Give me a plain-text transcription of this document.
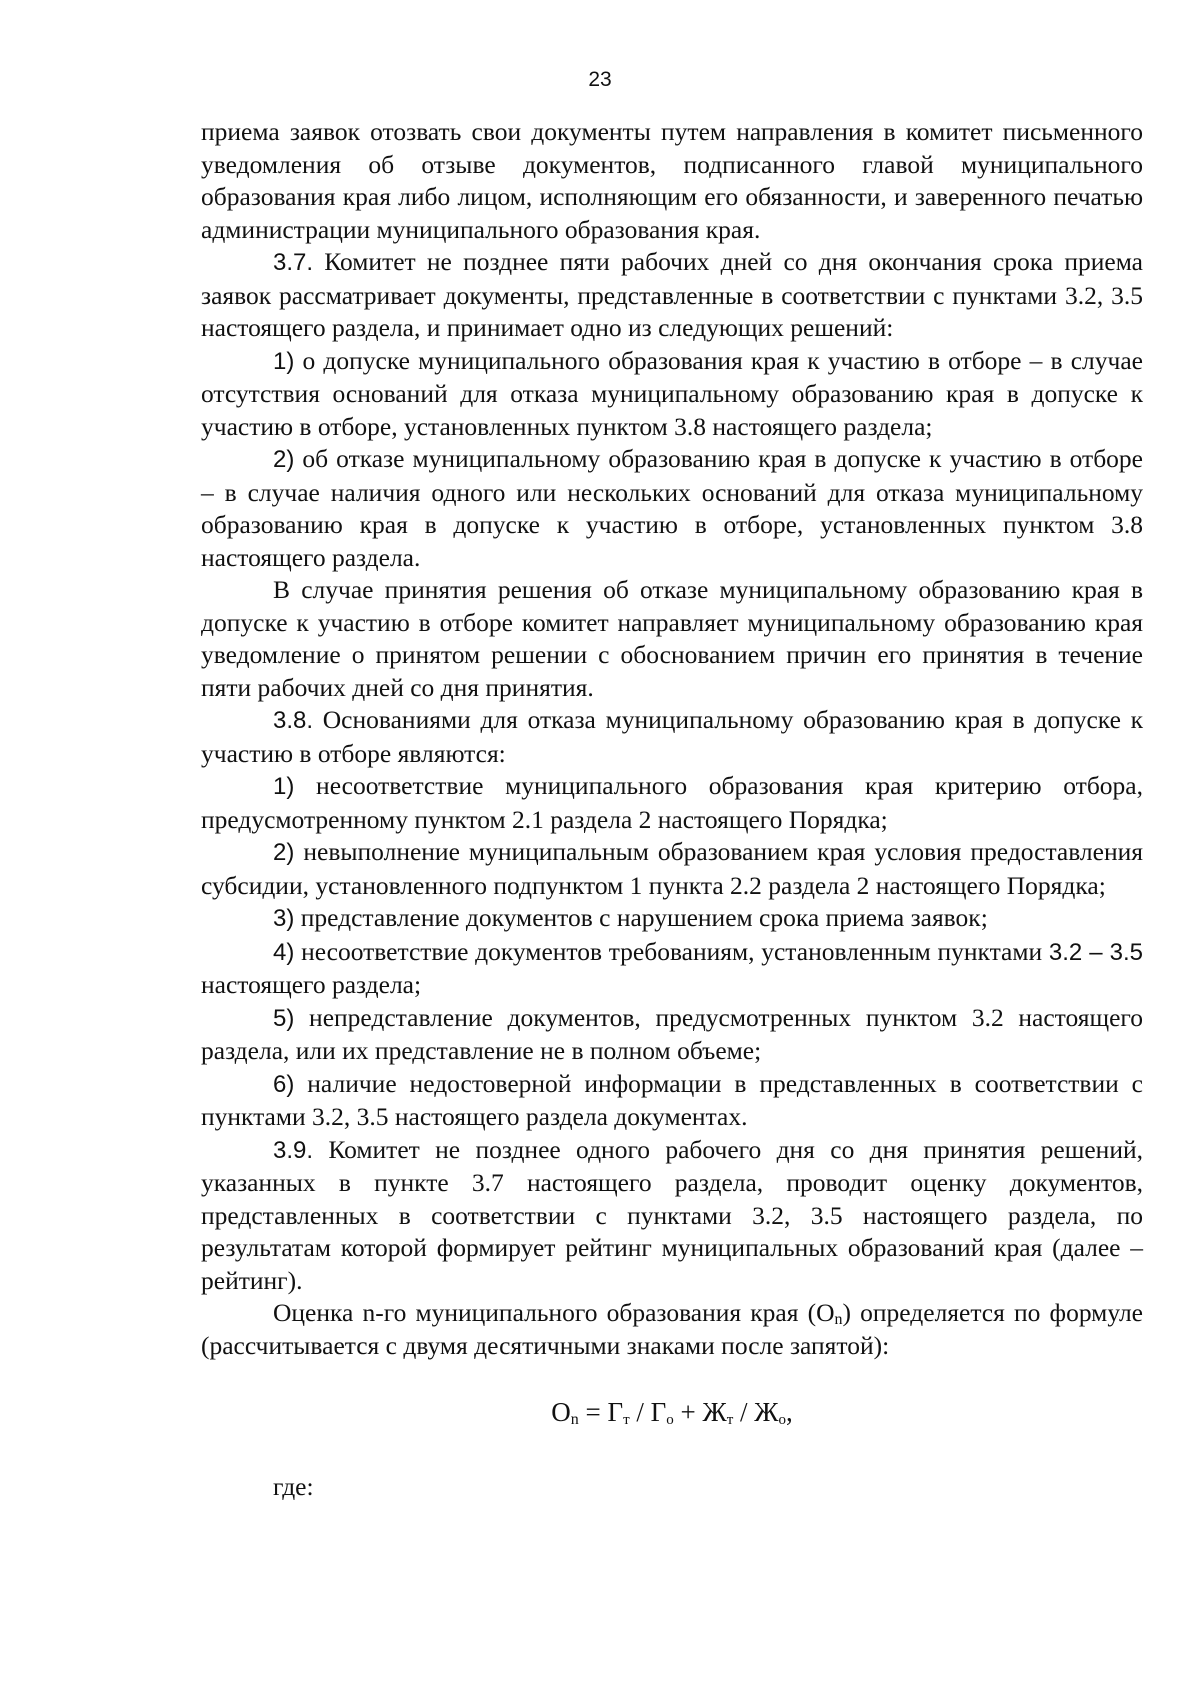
23

приема заявок отозвать свои документы путем направления в комитет письменного уведомления об отзыве документов, подписанного главой муниципального образования края либо лицом, исполняющим его обязанности, и заверенного печатью администрации муниципального образования края.

3.7. Комитет не позднее пяти рабочих дней со дня окончания срока приема заявок рассматривает документы, представленные в соответствии с пунктами 3.2, 3.5 настоящего раздела, и принимает одно из следующих решений:

1) о допуске муниципального образования края к участию в отборе – в случае отсутствия оснований для отказа муниципальному образованию края в допуске к участию в отборе, установленных пунктом 3.8 настоящего раздела;

2) об отказе муниципальному образованию края в допуске к участию в отборе – в случае наличия одного или нескольких оснований для отказа муниципальному образованию края в допуске к участию в отборе, установленных пунктом 3.8 настоящего раздела.

В случае принятия решения об отказе муниципальному образованию края в допуске к участию в отборе комитет направляет муниципальному образованию края уведомление о принятом решении с обоснованием причин его принятия в течение пяти рабочих дней со дня принятия.

3.8. Основаниями для отказа муниципальному образованию края в допуске к участию в отборе являются:

1) несоответствие муниципального образования края критерию отбора, предусмотренному пунктом 2.1 раздела 2 настоящего Порядка;

2) невыполнение муниципальным образованием края условия предоставления субсидии, установленного подпунктом 1 пункта 2.2 раздела 2 настоящего Порядка;

3) представление документов с нарушением срока приема заявок;

4) несоответствие документов требованиям, установленным пунктами 3.2 – 3.5 настоящего раздела;

5) непредставление документов, предусмотренных пунктом 3.2 настоящего раздела, или их представление не в полном объеме;

6) наличие недостоверной информации в представленных в соответствии с пунктами 3.2, 3.5 настоящего раздела документах.

3.9. Комитет не позднее одного рабочего дня со дня принятия решений, указанных в пункте 3.7 настоящего раздела, проводит оценку документов, представленных в соответствии с пунктами 3.2, 3.5 настоящего раздела, по результатам которой формирует рейтинг муниципальных образований края (далее – рейтинг).

Оценка n-го муниципального образования края $(О_n)$ определяется по формуле (рассчитывается с двумя десятичными знаками после запятой):

$O_n = Г_т / Г_о + Ж_т / Ж_о$,

где:
